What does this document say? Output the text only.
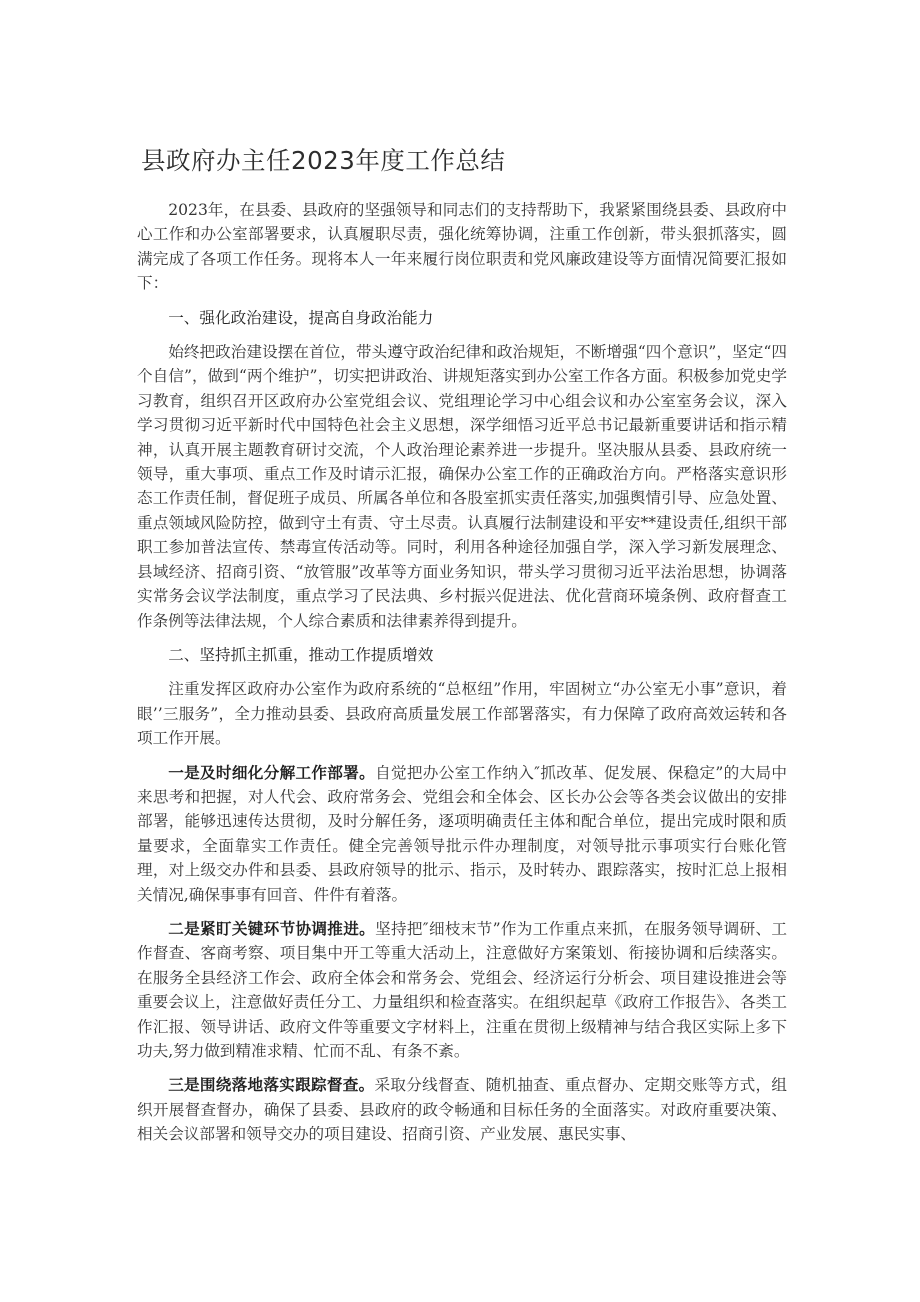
县政府办主任2023年度工作总结

2023年，在县委、县政府的坚强领导和同志们的支持帮助下，我紧紧围绕县委、县政府中心工作和办公室部署要求，认真履职尽责，强化统筹协调，注重工作创新，带头狠抓落实，圆满完成了各项工作任务。现将本人一年来履行岗位职责和党风廉政建设等方面情况简要汇报如下：

一、强化政治建设，提高自身政治能力

始终把政治建设摆在首位，带头遵守政治纪律和政治规矩，不断增强“四个意识”，坚定“四个自信”，做到“两个维护”，切实把讲政治、讲规矩落实到办公室工作各方面。积极参加党史学习教育，组织召开区政府办公室党组会议、党组理论学习中心组会议和办公室室务会议，深入学习贯彻习近平新时代中国特色社会主义思想，深学细悟习近平总书记最新重要讲话和指示精神，认真开展主题教育研讨交流，个人政治理论素养进一步提升。坚决服从县委、县政府统一领导，重大事项、重点工作及时请示汇报，确保办公室工作的正确政治方向。严格落实意识形态工作责任制，督促班子成员、所属各单位和各股室抓实责任落实,加强舆情引导、应急处置、重点领域风险防控，做到守土有责、守土尽责。认真履行法制建设和平安**建设责任,组织干部职工参加普法宣传、禁毒宣传活动等。同时，利用各种途径加强自学，深入学习新发展理念、县域经济、招商引资、“放管服”改革等方面业务知识，带头学习贯彻习近平法治思想，协调落实常务会议学法制度，重点学习了民法典、乡村振兴促进法、优化营商环境条例、政府督查工作条例等法律法规，个人综合素质和法律素养得到提升。

二、坚持抓主抓重，推动工作提质增效

注重发挥区政府办公室作为政府系统的“总枢纽”作用，牢固树立“办公室无小事”意识，着眼’’三服务”，全力推动县委、县政府高质量发展工作部署落实，有力保障了政府高效运转和各项工作开展。

一是及时细化分解工作部署。自觉把办公室工作纳入″抓改革、促发展、保稳定”的大局中来思考和把握，对人代会、政府常务会、党组会和全体会、区长办公会等各类会议做出的安排部署，能够迅速传达贯彻，及时分解任务，逐项明确责任主体和配合单位，提出完成时限和质量要求，全面靠实工作责任。健全完善领导批示件办理制度，对领导批示事项实行台账化管理，对上级交办件和县委、县政府领导的批示、指示，及时转办、跟踪落实，按时汇总上报相关情况,确保事事有回音、件件有着落。

二是紧盯关键环节协调推进。坚持把″细枝末节”作为工作重点来抓，在服务领导调研、工作督查、客商考察、项目集中开工等重大活动上，注意做好方案策划、衔接协调和后续落实。在服务全县经济工作会、政府全体会和常务会、党组会、经济运行分析会、项目建设推进会等重要会议上，注意做好责任分工、力量组织和检查落实。在组织起草《政府工作报告》、各类工作汇报、领导讲话、政府文件等重要文字材料上，注重在贯彻上级精神与结合我区实际上多下功夫,努力做到精准求精、忙而不乱、有条不紊。

三是围绕落地落实跟踪督查。采取分线督查、随机抽查、重点督办、定期交账等方式，组织开展督查督办，确保了县委、县政府的政令畅通和目标任务的全面落实。对政府重要决策、相关会议部署和领导交办的项目建设、招商引资、产业发展、惠民实事、
